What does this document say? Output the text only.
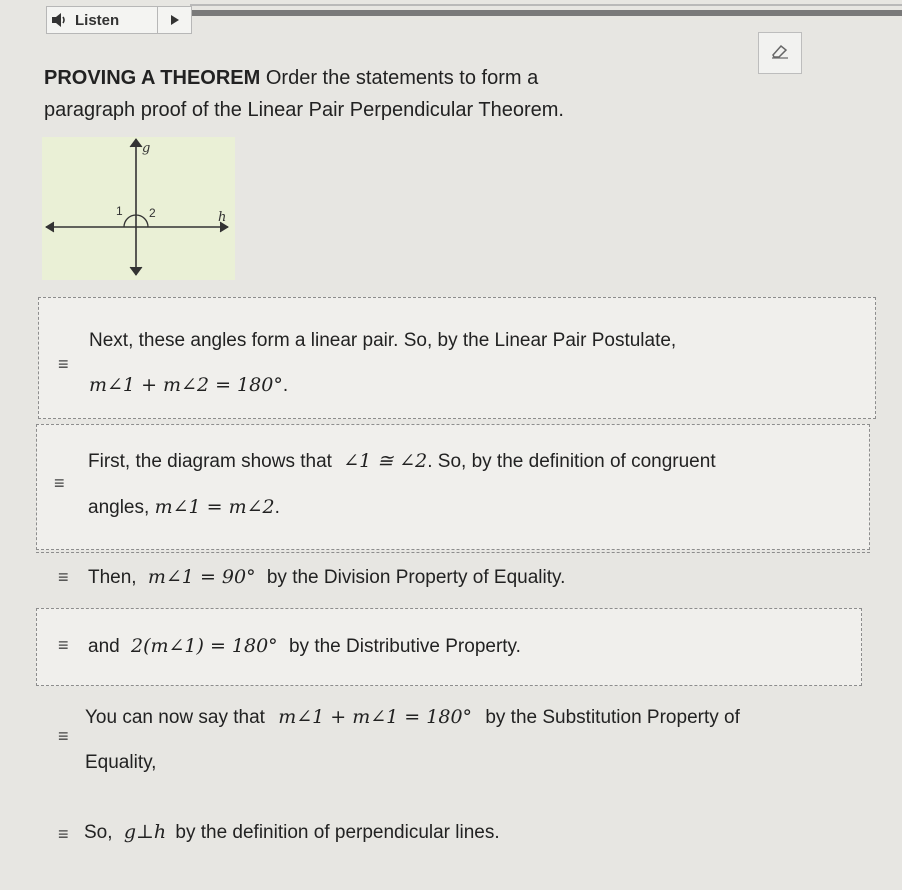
Listen
PROVING A THEOREM Order the statements to form a
paragraph proof of the Linear Pair Perpendicular Theorem.
g
h
1 2
≡
Next, these angles form a linear pair. So, by the Linear Pair Postulate,
m∠1 + m∠2 = 180°.
≡
First, the diagram shows that ∠1 ≅ ∠2. So, by the definition of congruent
angles, m∠1 = m∠2.
≡ Then, m∠1 = 90° by the Division Property of Equality.
≡ and 2(m∠1) = 180° by the Distributive Property.
≡
You can now say that m∠1 + m∠1 = 180° by the Substitution Property of
Equality,
≡ So, g⊥h by the definition of perpendicular lines.
